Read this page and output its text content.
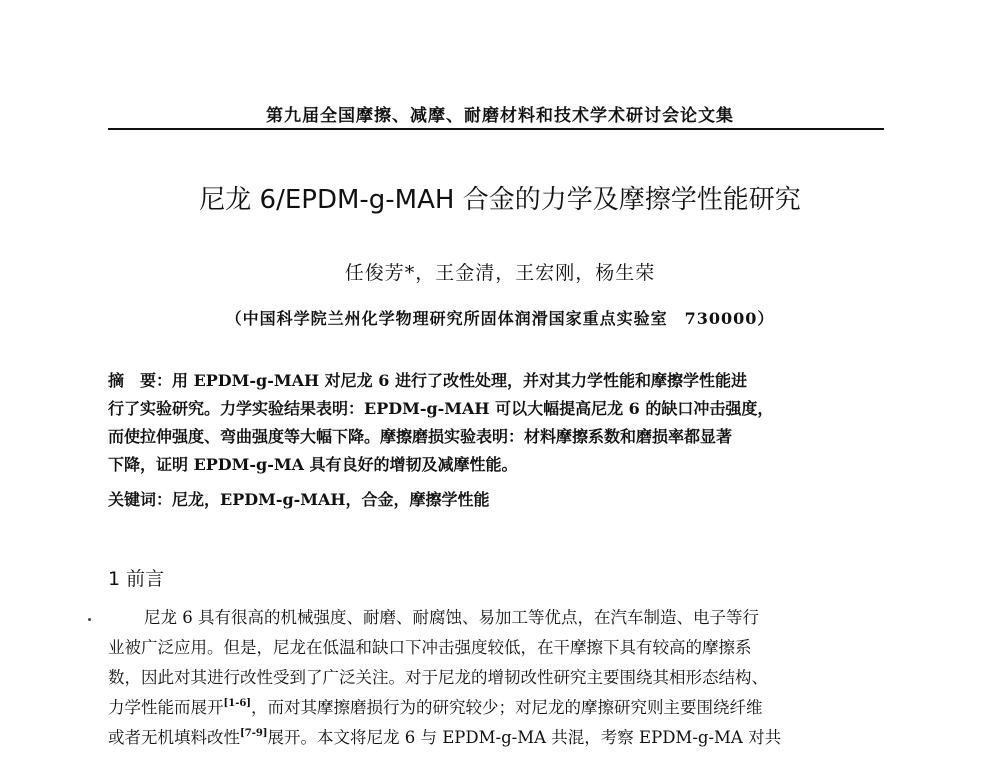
第九届全国摩擦、减摩、耐磨材料和技术学术研讨会论文集
尼龙 6/EPDM-g-MAH 合金的力学及摩擦学性能研究
任俊芳*，王金清，王宏刚，杨生荣
（中国科学院兰州化学物理研究所固体润滑国家重点实验室　730000）

摘　要：用 EPDM-g-MAH 对尼龙 6 进行了改性处理，并对其力学性能和摩擦学性能进

行了实验研究。力学实验结果表明：EPDM-g-MAH 可以大幅提高尼龙 6 的缺口冲击强度，

而使拉伸强度、弯曲强度等大幅下降。摩擦磨损实验表明：材料摩擦系数和磨损率都显著

下降，证明 EPDM-g-MA 具有良好的增韧及减摩性能。

关键词：尼龙，EPDM-g-MAH，合金，摩擦学性能
1 前言

尼龙 6 具有很高的机械强度、耐磨、耐腐蚀、易加工等优点，在汽车制造、电子等行

业被广泛应用。但是，尼龙在低温和缺口下冲击强度较低，在干摩擦下具有较高的摩擦系

数，因此对其进行改性受到了广泛关注。对于尼龙的增韧改性研究主要围绕其相形态结构、

力学性能而展开[1-6]，而对其摩擦磨损行为的研究较少；对尼龙的摩擦研究则主要围绕纤维

或者无机填料改性[7-9]展开。本文将尼龙 6 与 EPDM-g-MA 共混，考察 EPDM-g-MA 对共
